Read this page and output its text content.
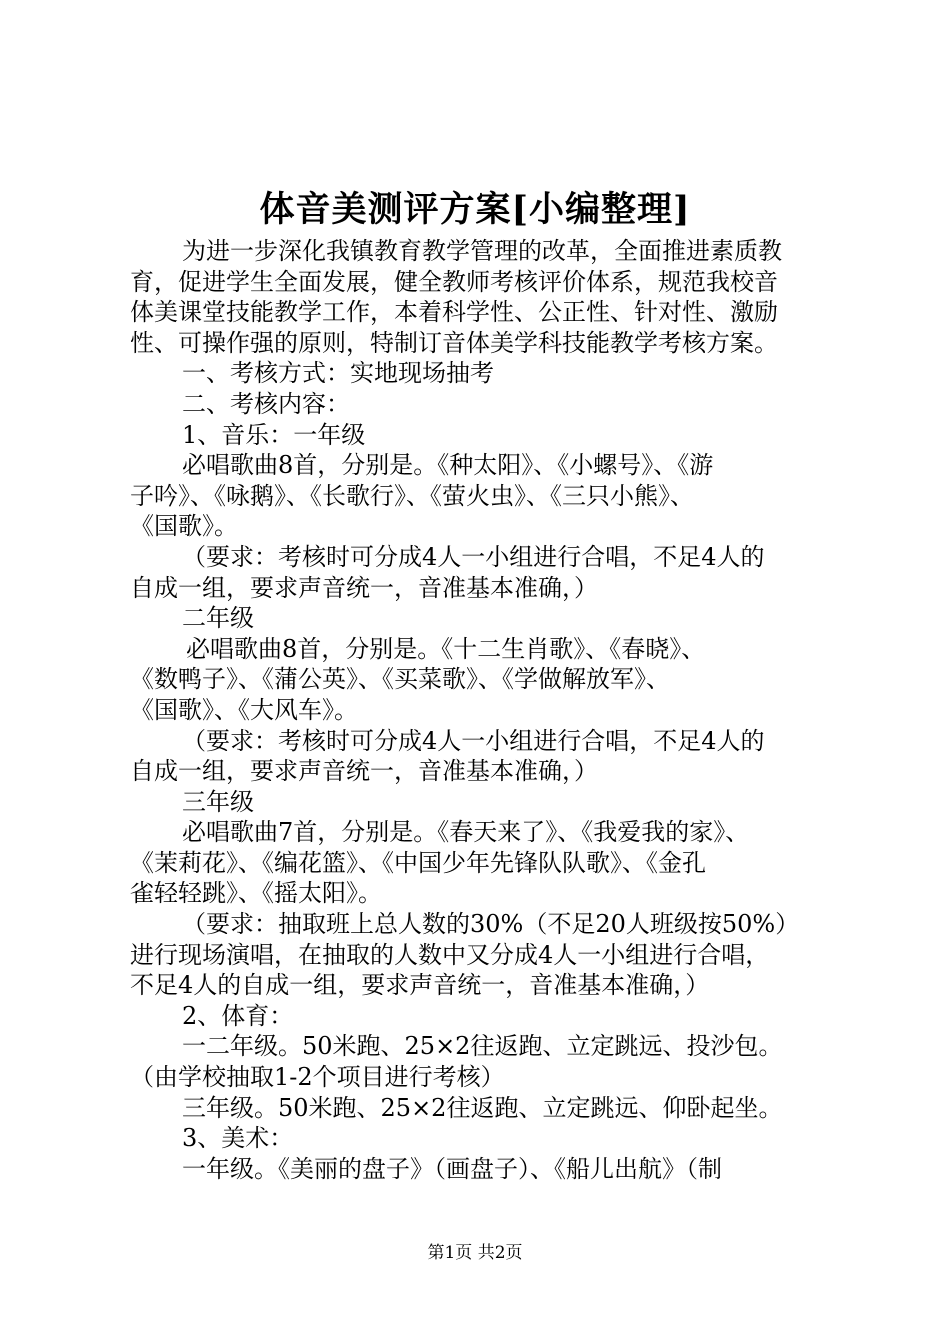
体音美测评方案[小编整理]

为进一步深化我镇教育教学管理的改革，全面推进素质教

育，促进学生全面发展，健全教师考核评价体系，规范我校音

体美课堂技能教学工作，本着科学性、公正性、针对性、激励

性、可操作强的原则，特制订音体美学科技能教学考核方案。

一、考核方式：实地现场抽考

二、考核内容：

1、音乐：一年级

必唱歌曲8首，分别是。《种太阳》、《小螺号》、《游

子吟》、《咏鹅》、《长歌行》、《萤火虫》、《三只小熊》、

《国歌》。

（要求：考核时可分成4人一小组进行合唱，不足4人的

自成一组，要求声音统一，音准基本准确，）

二年级

必唱歌曲8首，分别是。《十二生肖歌》、《春晓》、

《数鸭子》、《蒲公英》、《买菜歌》、《学做解放军》、

《国歌》、《大风车》。

（要求：考核时可分成4人一小组进行合唱，不足4人的

自成一组，要求声音统一，音准基本准确，）

三年级

必唱歌曲7首，分别是。《春天来了》、《我爱我的家》、

《茉莉花》、《编花篮》、《中国少年先锋队队歌》、《金孔

雀轻轻跳》、《摇太阳》。

（要求：抽取班上总人数的30%（不足20人班级按50%）

进行现场演唱，在抽取的人数中又分成4人一小组进行合唱，

不足4人的自成一组，要求声音统一，音准基本准确，）

2、体育：

一二年级。50米跑、25×2往返跑、立定跳远、投沙包。

（由学校抽取1-2个项目进行考核）

三年级。50米跑、25×2往返跑、立定跳远、仰卧起坐。

3、美术：

一年级。《美丽的盘子》（画盘子）、《船儿出航》（制

第1页 共2页
